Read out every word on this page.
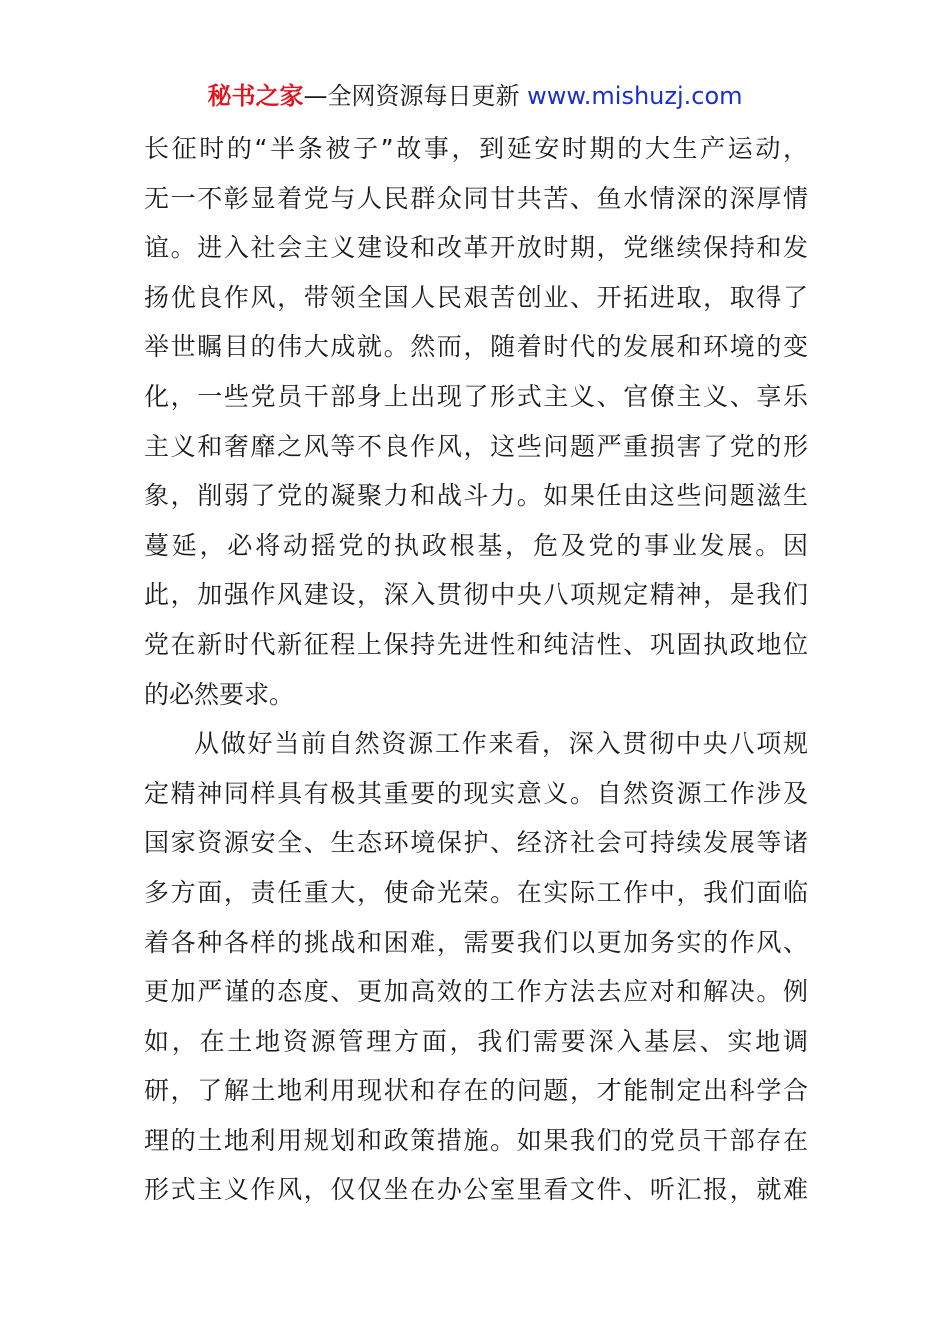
秘书之家—全网资源每日更新 www.mishuzj.com
长征时的“半条被子”故事，到延安时期的大生产运动，
无一不彰显着党与人民群众同甘共苦、鱼水情深的深厚情
谊。进入社会主义建设和改革开放时期，党继续保持和发
扬优良作风，带领全国人民艰苦创业、开拓进取，取得了
举世瞩目的伟大成就。然而，随着时代的发展和环境的变
化，一些党员干部身上出现了形式主义、官僚主义、享乐
主义和奢靡之风等不良作风，这些问题严重损害了党的形
象，削弱了党的凝聚力和战斗力。如果任由这些问题滋生
蔓延，必将动摇党的执政根基，危及党的事业发展。因
此，加强作风建设，深入贯彻中央八项规定精神，是我们
党在新时代新征程上保持先进性和纯洁性、巩固执政地位
的必然要求。
从做好当前自然资源工作来看，深入贯彻中央八项规
定精神同样具有极其重要的现实意义。自然资源工作涉及
国家资源安全、生态环境保护、经济社会可持续发展等诸
多方面，责任重大，使命光荣。在实际工作中，我们面临
着各种各样的挑战和困难，需要我们以更加务实的作风、
更加严谨的态度、更加高效的工作方法去应对和解决。例
如，在土地资源管理方面，我们需要深入基层、实地调
研，了解土地利用现状和存在的问题，才能制定出科学合
理的土地利用规划和政策措施。如果我们的党员干部存在
形式主义作风，仅仅坐在办公室里看文件、听汇报，就难
